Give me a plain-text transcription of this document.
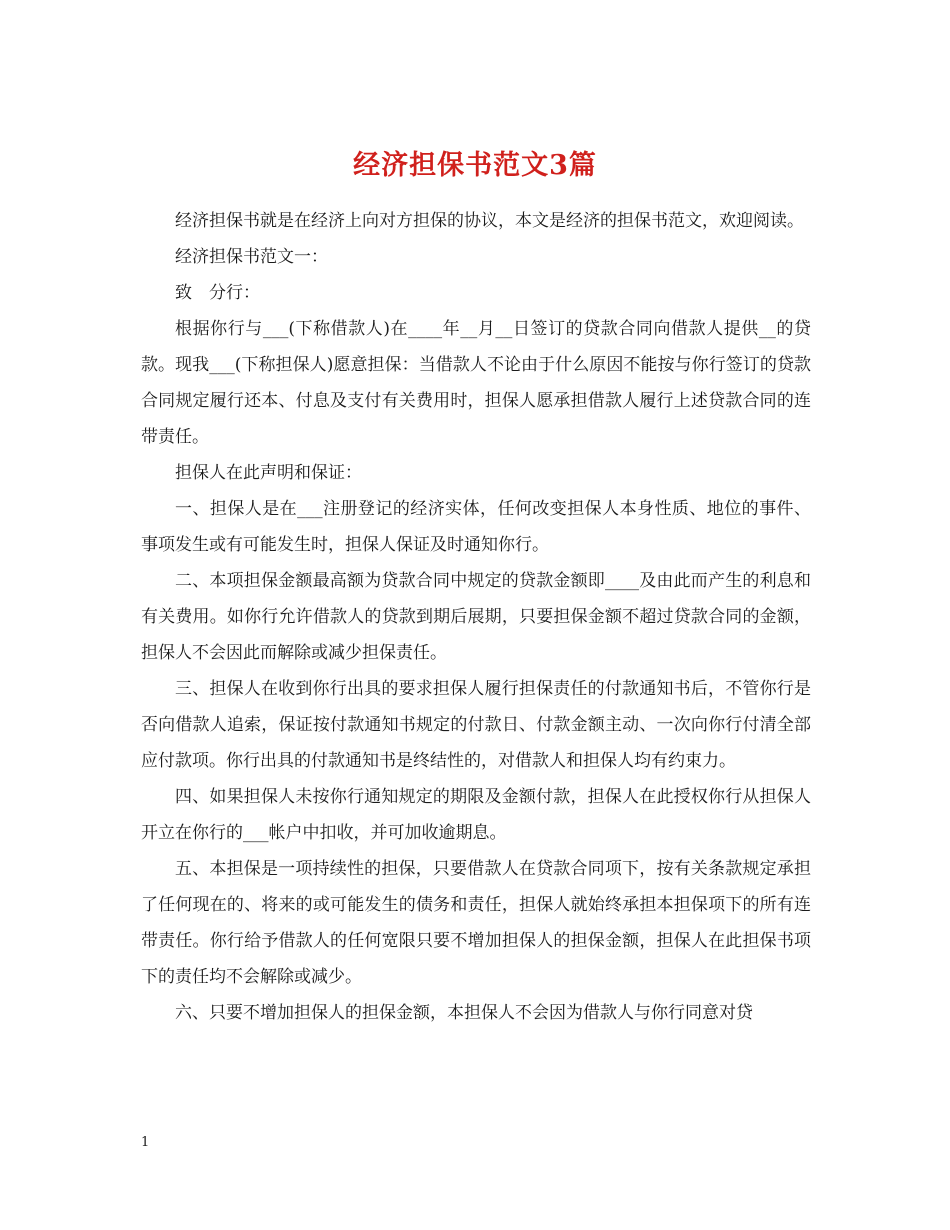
经济担保书范文3篇

经济担保书就是在经济上向对方担保的协议，本文是经济的担保书范文，欢迎阅读。

经济担保书范文一：

致　分行：

根据你行与___(下称借款人)在____年__月__日签订的贷款合同向借款人提供__的贷款。现我___(下称担保人)愿意担保：当借款人不论由于什么原因不能按与你行签订的贷款合同规定履行还本、付息及支付有关费用时，担保人愿承担借款人履行上述贷款合同的连带责任。

担保人在此声明和保证：

一、担保人是在___注册登记的经济实体，任何改变担保人本身性质、地位的事件、事项发生或有可能发生时，担保人保证及时通知你行。

二、本项担保金额最高额为贷款合同中规定的贷款金额即____及由此而产生的利息和有关费用。如你行允许借款人的贷款到期后展期，只要担保金额不超过贷款合同的金额，担保人不会因此而解除或减少担保责任。

三、担保人在收到你行出具的要求担保人履行担保责任的付款通知书后，不管你行是否向借款人追索，保证按付款通知书规定的付款日、付款金额主动、一次向你行付清全部应付款项。你行出具的付款通知书是终结性的，对借款人和担保人均有约束力。

四、如果担保人未按你行通知规定的期限及金额付款，担保人在此授权你行从担保人开立在你行的___帐户中扣收，并可加收逾期息。

五、本担保是一项持续性的担保，只要借款人在贷款合同项下，按有关条款规定承担了任何现在的、将来的或可能发生的债务和责任，担保人就始终承担本担保项下的所有连带责任。你行给予借款人的任何宽限只要不增加担保人的担保金额，担保人在此担保书项下的责任均不会解除或减少。

六、只要不增加担保人的担保金额，本担保人不会因为借款人与你行同意对贷

1
